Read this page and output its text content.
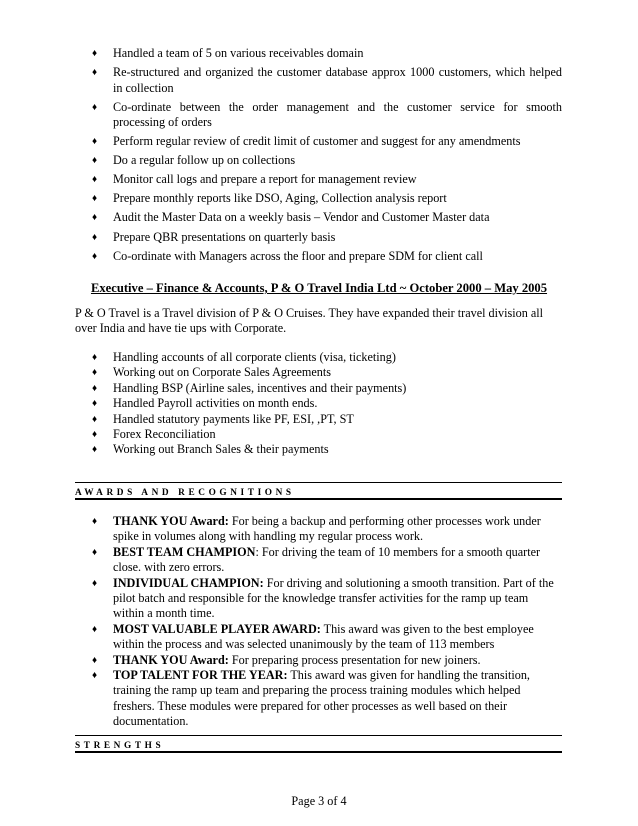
♦ Handled a team of 5 on various receivables domain
♦ Re-structured and organized the customer database approx 1000 customers, which helped in collection
♦ Co-ordinate between the order management and the customer service for smooth processing of orders
♦ Perform regular review of credit limit of customer and suggest for any amendments
♦ Do a regular follow up on collections
♦ Monitor call logs and prepare a report for management review
♦ Prepare monthly reports like DSO, Aging, Collection analysis report
♦ Audit the Master Data on a weekly basis – Vendor and Customer Master data
♦ Prepare QBR presentations on quarterly basis
♦ Co-ordinate with Managers across the floor and prepare SDM for client call
Executive – Finance & Accounts, P & O Travel India Ltd ~ October 2000 – May 2005
P & O Travel is a Travel division of P & O Cruises. They have expanded their travel division all over India and have tie ups with Corporate.
♦ Handling accounts of all corporate clients (visa, ticketing)
♦ Working out on Corporate Sales Agreements
♦ Handling BSP (Airline sales, incentives and their payments)
♦ Handled Payroll activities on month ends.
♦ Handled statutory payments like PF, ESI, ,PT, ST
♦ Forex Reconciliation
♦ Working out Branch Sales & their payments
AWARDS AND RECOGNITIONS
♦ THANK YOU Award: For being a backup and performing other processes work under spike in volumes along with handling my regular process work.
♦ BEST TEAM CHAMPION: For driving the team of 10 members for a smooth quarter close. with zero errors.
♦ INDIVIDUAL CHAMPION: For driving and solutioning a smooth transition. Part of the pilot batch and responsible for the knowledge transfer activities for the ramp up team within a month time.
♦ MOST VALUABLE PLAYER AWARD: This award was given to the best employee within the process and was selected unanimously by the team of 113 members
♦ THANK YOU Award: For preparing process presentation for new joiners.
♦ TOP TALENT FOR THE YEAR: This award was given for handling the transition, training the ramp up team and preparing the process training modules which helped freshers. These modules were prepared for other processes as well based on their documentation.
STRENGTHS
Page 3 of 4
